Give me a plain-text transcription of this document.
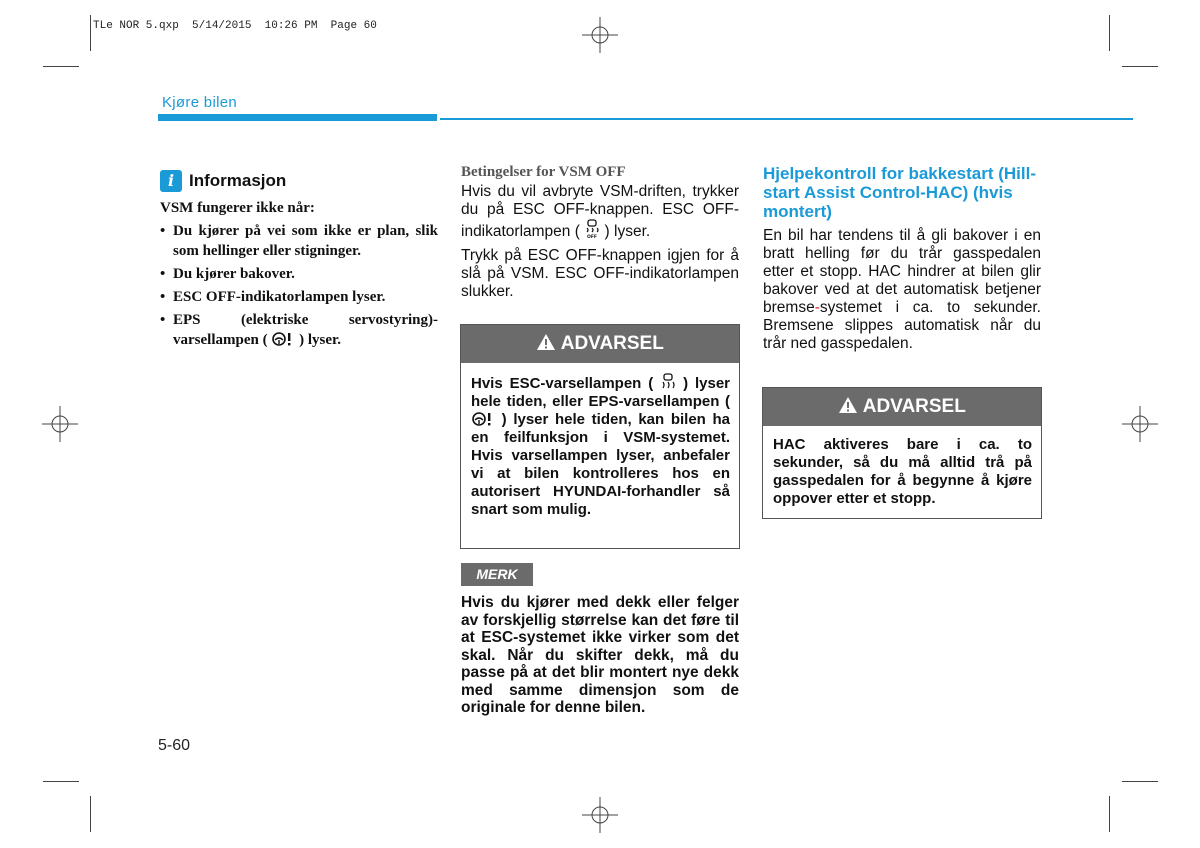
TLe NOR 5.qxp  5/14/2015  10:26 PM  Page 60
Kjøre bilen
i Informasjon

VSM fungerer ikke når:

• Du kjører på vei som ikke er plan, slik som hellinger eller stigninger.
• Du kjører bakover.
• ESC OFF-indikatorlampen lyser.
• EPS (elektriske servostyring)-varsellampen ( ) lyser.

Betingelser for VSM OFF

Hvis du vil avbryte VSM-driften, trykker du på ESC OFF-knappen. ESC OFF-indikatorlampen ( OFF ) lyser.

Trykk på ESC OFF-knappen igjen for å slå på VSM. ESC OFF-indikatorlampen slukker.

ADVARSEL
Hvis ESC-varsellampen ( ) lyser hele tiden, eller EPS-varsellampen (  ) lyser hele tiden, kan bilen ha en feilfunksjon i VSM-systemet. Hvis varsellampen lyser, anbefaler vi at bilen kontrolleres hos en autorisert HYUNDAI-forhandler så snart som mulig.
MERK
Hvis du kjører med dekk eller felger av forskjellig størrelse kan det føre til at ESC-systemet ikke virker som det skal. Når du skifter dekk, må du passe på at det blir montert nye dekk med samme dimensjon som de originale for denne bilen.

Hjelpekontroll for bakkestart (Hill-start Assist Control-HAC) (hvis montert)

En bil har tendens til å gli bakover i en bratt helling før du trår gasspedalen etter et stopp. HAC hindrer at bilen glir bakover ved at det automatisk betjener bremse-systemet i ca. to sekunder. Bremsene slippes automatisk når du trår ned gasspedalen.

ADVARSEL
HAC aktiveres bare i ca. to sekunder, så du må alltid trå på gasspedalen for å begynne å kjøre oppover etter et stopp.
5-60
